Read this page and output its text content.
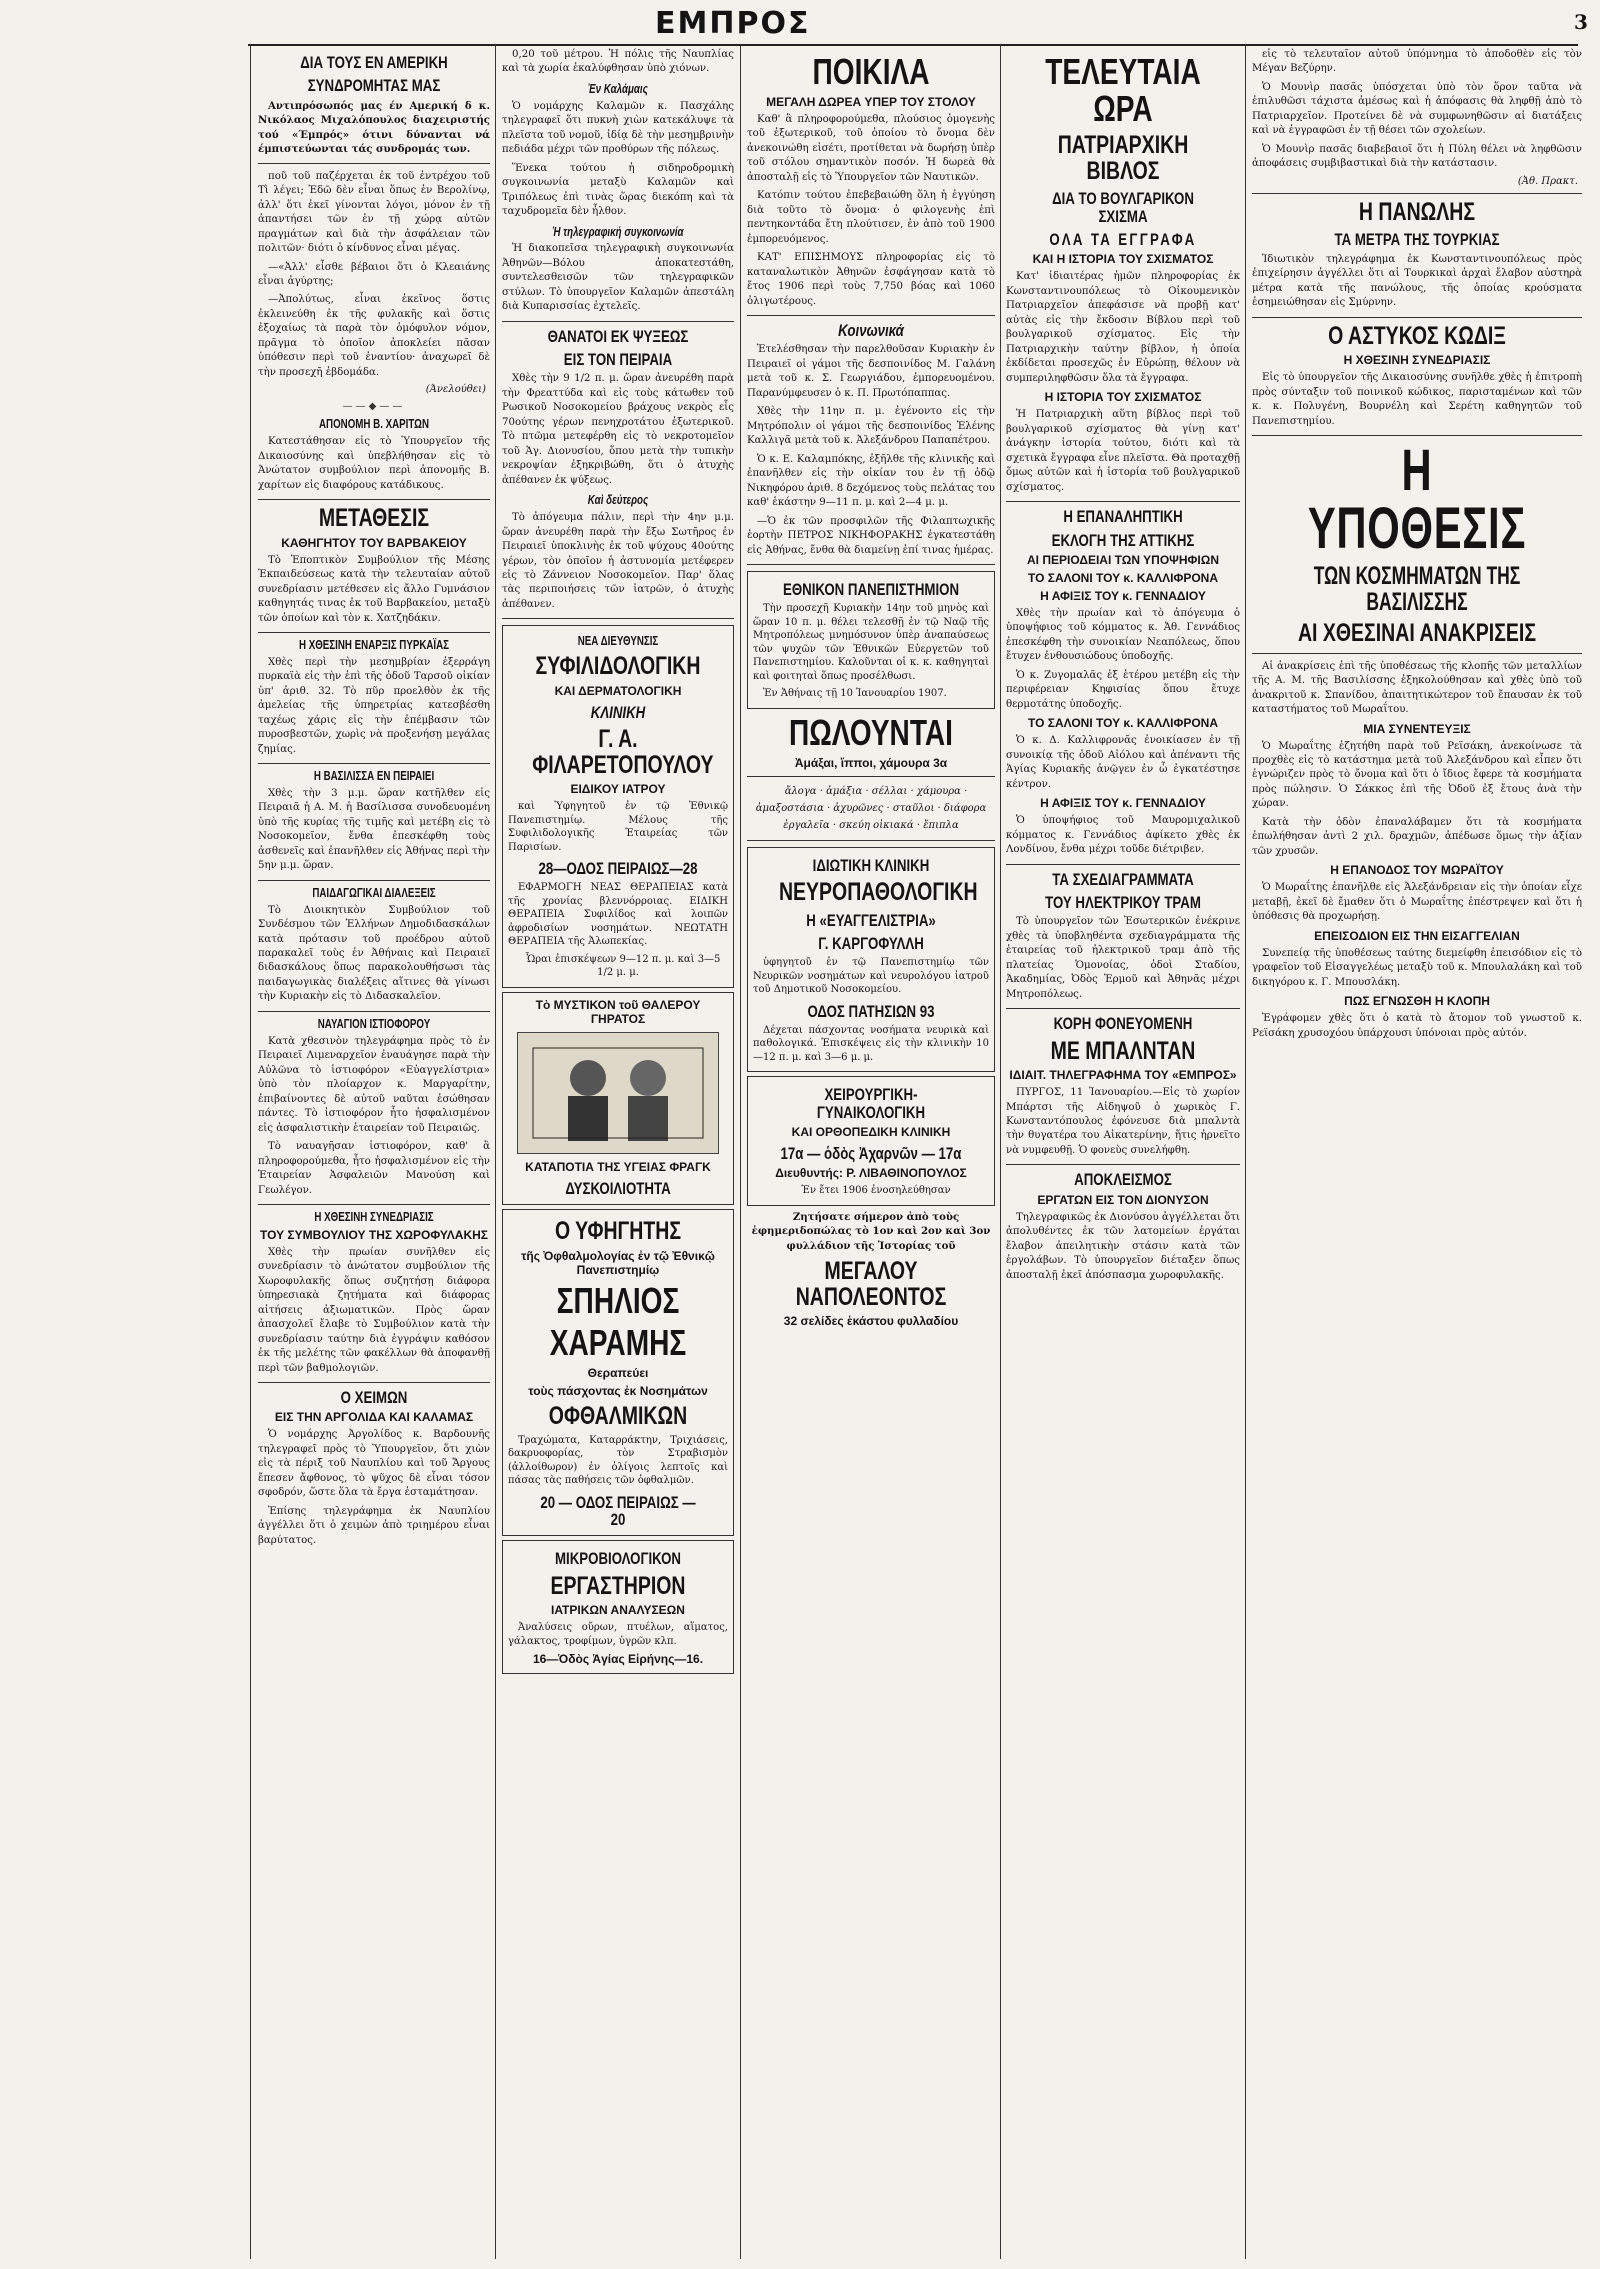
ΕΜΠΡΟΣ	3
ΔΙΑ ΤΟΥΣ ΕΝ ΑΜΕΡΙΚΗ
ΣΥΝΔΡΟΜΗΤΑΣ ΜΑΣ

Αντιπρόσωπός μας έν Αμερική δ κ. Νικόλαος Μιχαλόπουλος διαχειριστής τού «Έμπρός» ότινι δύνανται νά έμπιστεύωνται τάς συνδρομάς των.

ποῦ τοῦ παζέρχεται ἐκ τοῦ ἐντρέχου τοῦ Τὶ λέγει; Ἐδῶ δὲν εἶναι ὅπως ἐν Βερολίνῳ, ἀλλ' ὅτι ἐκεῖ γίνονται λόγοι, μόνον ἐν τῇ ἀπαντήσει τῶν ἐν τῇ χώρᾳ αὐτῶν πραγμάτων καὶ διὰ τὴν ἀσφάλειαν τῶν πολιτῶν· διότι ὁ κίνδυνος εἶναι μέγας.

—«Ἀλλ' εἶσθε βέβαιοι ὅτι ὁ Κλεαιάνης εἶναι ἀγύρτης;

—Ἀπολύτως, εἶναι ἐκεῖνος ὅστις ἐκλεινεύθη ἐκ τῆς φυλακῆς καὶ ὅστις ἐξοχαίως τὰ παρὰ τὸν ὁμόφυλον νόμον, πρᾶγμα τὸ ὁποῖον ἀποκλείει πᾶσαν ὑπόθεσιν περὶ τοῦ ἐναντίου· ἀναχωρεῖ δὲ τὴν προσεχῆ ἑβδομάδα.

(Άνελούθει)
——◆——
ΑΠΟΝΟΜΗ Β. ΧΑΡΙΤΩΝ

Κατεστάθησαν εἰς τὸ Ὑπουργεῖον τῆς Δικαιοσύνης καὶ ὑπεβλήθησαν εἰς τὸ Ἀνώτατον συμβούλιον περὶ ἀπονομῆς Β. χαρίτων εἰς διαφόρους κατάδικους.

ΜΕΤΑΘΕΣΙΣ
ΚΑΘΗΓΗΤΟΥ ΤΟΥ ΒΑΡΒΑΚΕΙΟΥ

Τὸ Ἐποπτικὸν Συμβούλιον τῆς Μέσης Ἐκπαιδεύσεως κατὰ τὴν τελευταίαν αὐτοῦ συνεδρίασιν μετέθεσεν εἰς ἄλλο Γυμνάσιον καθηγητάς τινας ἐκ τοῦ Βαρβακείου, μεταξὺ τῶν ὁποίων καὶ τὸν κ. Χατζηδάκιν.

Η ΧΘΕΣΙΝΗ ΕΝΑΡΞΙΣ ΠΥΡΚΑΪΑΣ

Χθὲς περὶ τὴν μεσημβρίαν ἐξερράγη πυρκαϊὰ εἰς τὴν ἐπὶ τῆς ὁδοῦ Ταρσοῦ οἰκίαν ὑπ' ἀριθ. 32. Τὸ πῦρ προελθὸν ἐκ τῆς ἀμελείας τῆς ὑπηρετρίας κατεσβέσθη ταχέως χάρις εἰς τὴν ἐπέμβασιν τῶν πυροσβεστῶν, χωρὶς νὰ προξενήσῃ μεγάλας ζημίας.

Η ΒΑΣΙΛΙΣΣΑ ΕΝ ΠΕΙΡΑΙΕΙ

Χθὲς τὴν 3 μ.μ. ὥραν κατῆλθεν εἰς Πειραιᾶ ἡ Α. Μ. ἡ Βασίλισσα συνοδευομένη ὑπὸ τῆς κυρίας τῆς τιμῆς καὶ μετέβη εἰς τὸ Νοσοκομεῖον, ἔνθα ἐπεσκέφθη τοὺς ἀσθενεῖς καὶ ἐπανῆλθεν εἰς Ἀθήνας περὶ τὴν 5ην μ.μ. ὥραν.

ΠΑΙΔΑΓΩΓΙΚΑΙ ΔΙΑΛΕΞΕΙΣ

Τὸ Διοικητικὸν Συμβούλιον τοῦ Συνδέσμου τῶν Ἑλλήνων Δημοδιδασκάλων κατὰ πρότασιν τοῦ προέδρου αὐτοῦ παρακαλεῖ τοὺς ἐν Ἀθήναις καὶ Πειραιεῖ διδασκάλους ὅπως παρακολουθήσωσι τὰς παιδαγωγικὰς διαλέξεις αἵτινες θὰ γίνωσι τὴν Κυριακὴν εἰς τὸ Διδασκαλεῖον.

ΝΑΥΑΓΙΟΝ ΙΣΤΙΟΦΟΡΟΥ

Κατὰ χθεσινὸν τηλεγράφημα πρὸς τὸ ἐν Πειραιεῖ Λιμεναρχεῖον ἐναυάγησε παρὰ τὴν Αὐλῶνα τὸ ἱστιοφόρον «Εὐαγγελίστρια» ὑπὸ τὸν πλοίαρχον κ. Μαργαρίτην, ἐπιβαίνοντες δὲ αὐτοῦ ναῦται ἐσώθησαν πάντες. Τὸ ἱστιοφόρον ἦτο ἠσφαλισμένον εἰς ἀσφαλιστικὴν ἑταιρείαν τοῦ Πειραιῶς.

Τὸ ναυαγῆσαν ἱστιοφόρον, καθ' ἃ πληροφορούμεθα, ἦτο ἠσφαλισμένον εἰς τὴν Ἑταιρείαν Ἀσφαλειῶν Μανούση καὶ Γεωλέγον.

Η ΧΘΕΣΙΝΗ ΣΥΝΕΔΡΙΑΣΙΣ
ΤΟΥ ΣΥΜΒΟΥΛΙΟΥ ΤΗΣ ΧΩΡΟΦΥΛΑΚΗΣ

Χθὲς τὴν πρωίαν συνῆλθεν εἰς συνεδρίασιν τὸ ἀνώτατον συμβούλιον τῆς Χωροφυλακῆς ὅπως συζητήσῃ διάφορα ὑπηρεσιακὰ ζητήματα καὶ διάφορας αἰτήσεις ἀξιωματικῶν. Πρὸς ὥραν ἀπασχολεῖ ἔλαβε τὸ Συμβούλιον κατὰ τὴν συνεδρίασιν ταύτην διὰ ἐγγράψιν καθόσον ἐκ τῆς μελέτης τῶν φακέλλων θὰ ἀποφανθῇ περὶ τῶν βαθμολογιῶν.

Ο ΧΕΙΜΩΝ
ΕΙΣ ΤΗΝ ΑΡΓΟΛΙΔΑ ΚΑΙ ΚΑΛΑΜΑΣ

Ὁ νομάρχης Ἀργολίδος κ. Βαρδουνῆς τηλεγραφεῖ πρὸς τὸ Ὑπουργεῖον, ὅτι χιὼν εἰς τὰ πέριξ τοῦ Ναυπλίου καὶ τοῦ Ἄργους ἔπεσεν ἄφθονος, τὸ ψῦχος δὲ εἶναι τόσον σφοδρόν, ὥστε ὅλα τὰ ἔργα ἐσταμάτησαν.

Ἐπίσης τηλεγράφημα ἐκ Ναυπλίου ἀγγέλλει ὅτι ὁ χειμὼν ἀπὸ τριημέρου εἶναι βαρύτατος.

0,20 τοῦ μέτρου. Ἡ πόλις τῆς Ναυπλίας καὶ τὰ χωρία ἐκαλύφθησαν ὑπὸ χιόνων.

Ἐν Καλάμαις

Ὁ νομάρχης Καλαμῶν κ. Πασχάλης τηλεγραφεῖ ὅτι πυκνὴ χιὼν κατεκάλυψε τὰ πλεῖστα τοῦ νομοῦ, ἰδίᾳ δὲ τὴν μεσημβρινὴν πεδιάδα μέχρι τῶν προθύρων τῆς πόλεως.

Ἕνεκα τούτου ἡ σιδηροδρομικὴ συγκοινωνία μεταξὺ Καλαμῶν καὶ Τριπόλεως ἐπὶ τινὰς ὥρας διεκόπη καὶ τὰ ταχυδρομεῖα δὲν ἦλθον.

Ἡ τηλεγραφική συγκοινωνία

Ἡ διακοπεῖσα τηλεγραφικὴ συγκοινωνία Ἀθηνῶν—Βόλου ἀποκατεστάθη, συντελεσθεισῶν τῶν τηλεγραφικῶν στύλων. Τὸ ὑπουργεῖον Καλαμῶν ἀπεστάλη διὰ Κυπαρισσίας ἐχτελεῖς.

ΘΑΝΑΤΟΙ ΕΚ ΨΥΞΕΩΣ
ΕΙΣ ΤΟΝ ΠΕΙΡΑΙΑ

Χθὲς τὴν 9 1/2 π. μ. ὥραν ἀνευρέθη παρὰ τὴν Φρεαττύδα καὶ εἰς τοὺς κάτωθεν τοῦ Ρωσικοῦ Νοσοκομείου βράχους νεκρὸς εἷς 70ούτης γέρων πενηχροτάτου ἐξωτερικοῦ. Τὸ πτῶμα μετεφέρθη εἰς τὸ νεκροτομεῖον τοῦ Ἁγ. Διονυσίου, ὅπου μετὰ τὴν τυπικὴν νεκροψίαν ἐξηκριβώθη, ὅτι ὁ ἀτυχὴς ἀπέθανεν ἐκ ψύξεως.

Καὶ δεύτερος

Τὸ ἀπόγευμα πάλιν, περὶ τὴν 4ην μ.μ. ὥραν ἀνευρέθη παρὰ τὴν ἔξω Σωτῆρος ἐν Πειραιεῖ ὑποκλινὴς ἐκ τοῦ ψύχους 40ούτης γέρων, τὸν ὁποῖον ἡ ἀστυνομία μετέφερεν εἰς τὸ Ζάννειον Νοσοκομεῖον. Παρ' ὅλας τὰς περιποιήσεις τῶν ἰατρῶν, ὁ ἀτυχὴς ἀπέθανεν.

ΝΕΑ ΔΙΕΥΘΥΝΣΙΣ
ΣΥΦΙΛΙΔΟΛΟΓΙΚΗ
ΚΑΙ ΔΕΡΜΑΤΟΛΟΓΙΚΗ
ΚΛΙΝΙΚΗ
Γ. Α. ΦΙΛΑΡΕΤΟΠΟΥΛΟΥ
ΕΙΔΙΚΟΥ ΙΑΤΡΟΥ

καὶ Ὑφηγητοῦ ἐν τῷ Ἐθνικῷ Πανεπιστημίῳ. Μέλους τῆς Συφιλιδολογικῆς Ἑταιρείας τῶν Παρισίων.

28—ΟΔΟΣ ΠΕΙΡΑΙΩΣ—28

ΕΦΑΡΜΟΓΗ ΝΕΑΣ ΘΕΡΑΠΕΙΑΣ κατὰ τῆς χρονίας βλεννόρροιας. ΕΙΔΙΚΗ ΘΕΡΑΠΕΙΑ Συφιλίδος καὶ λοιπῶν ἀφροδισίων νοσημάτων. ΝΕΩΤΑΤΗ ΘΕΡΑΠΕΙΑ τῆς Ἀλωπεκίας.

Ὧραι ἐπισκέψεων 9—12 π. μ. καὶ 3—5 1/2 μ. μ.

Τὸ ΜΥΣΤΙΚΟΝ τοῦ ΘΑΛΕΡΟΥ ΓΗΡΑΤΟΣ
ΚΑΤΑΠΟΤΙΑ ΤΗΣ ΥΓΕΙΑΣ ΦΡΑΓΚ
ΔΥΣΚΟΙΛΙΟΤΗΤΑ
Ο ΥΦΗΓΗΤΗΣ
τῆς Ὀφθαλμολογίας ἐν τῷ Ἐθνικῷ Πανεπιστημίῳ
ΣΠΗΛΙΟΣ
ΧΑΡΑΜΗΣ
Θεραπεύει
τοὺς πάσχοντας ἐκ Νοσημάτων
ΟΦΘΑΛΜΙΚΩΝ

Τραχώματα, Καταρράκτην, Τριχιάσεις, δακρυοφορίας, τὸν Στραβισμὸν (ἀλλοίθωρον) ἐν ὀλίγοις λεπτοῖς καὶ πάσας τὰς παθήσεις τῶν ὀφθαλμῶν.

20 — ΟΔΟΣ ΠΕΙΡΑΙΩΣ — 20
ΜΙΚΡΟΒΙΟΛΟΓΙΚΟΝ
ΕΡΓΑΣΤΗΡΙΟΝ
ΙΑΤΡΙΚΩΝ ΑΝΑΛΥΣΕΩΝ

Ἀναλύσεις οὔρων, πτυέλων, αἵματος, γάλακτος, τροφίμων, ὑγρῶν κλπ.

16—Ὁδὸς Ἁγίας Εἰρήνης—16.
ΠΟΙΚΙΛΑ
ΜΕΓΑΛΗ ΔΩΡΕΑ ΥΠΕΡ ΤΟΥ ΣΤΟΛΟΥ

Καθ' ἃ πληροφορούμεθα, πλούσιος ὁμογενὴς τοῦ ἐξωτερικοῦ, τοῦ ὁποίου τὸ ὄνομα δὲν ἀνεκοινώθη εἰσέτι, προτίθεται νὰ δωρήσῃ ὑπὲρ τοῦ στόλου σημαντικὸν ποσόν. Ἡ δωρεὰ θὰ ἀποσταλῇ εἰς τὸ Ὑπουργεῖον τῶν Ναυτικῶν.

Κατόπιν τούτου ἐπεβεβαιώθη ὅλη ἡ ἐγγύηση διὰ τοῦτο τὸ ὄνομα· ὁ φιλογενὴς ἐπὶ πεντηκοντάδα ἔτη πλούτισεν, ἐν ἀπὸ τοῦ 1900 ἐμπορευόμενος.

ΚΑΤ' ΕΠΙΣΗΜΟΥΣ πληροφορίας εἰς τὸ καταναλωτικὸν Ἀθηνῶν ἐσφάγησαν κατὰ τὸ ἔτος 1906 περὶ τοὺς 7,750 βόας καὶ 1060 ὀλιγωτέρους.

Κοινωνικά

Ἑτελέσθησαν τὴν παρελθοῦσαν Κυριακὴν ἐν Πειραιεῖ οἱ γάμοι τῆς δεσποινίδος Μ. Γαλάνη μετὰ τοῦ κ. Σ. Γεωργιάδου, ἐμπορευομένου. Παρανύμφευσεν ὁ κ. Π. Πρωτόπαππας.

Χθὲς τὴν 11ην π. μ. ἐγένοντο εἰς τὴν Μητρόπολιν οἱ γάμοι τῆς δεσποινίδος Ἑλένης Καλλιγᾶ μετὰ τοῦ κ. Ἀλεξάνδρου Παπαπέτρου.

Ὁ κ. Ε. Καλαμπόκης, ἐξῆλθε τῆς κλινικῆς καὶ ἐπανῆλθεν εἰς τὴν οἰκίαν του ἐν τῇ ὁδῷ Νικηφόρου ἀριθ. 8 δεχόμενος τοὺς πελάτας του καθ' ἑκάστην 9—11 π. μ. καὶ 2—4 μ. μ.

—Ὁ ἐκ τῶν προσφιλῶν τῆς Φιλαπτωχικῆς ἑορτὴν ΠΕΤΡΟΣ ΝΙΚΗΦΟΡΑΚΗΣ ἐγκατεστάθη εἰς Ἀθήνας, ἔνθα θὰ διαμείνῃ ἐπί τινας ἡμέρας.

ΕΘΝΙΚΟΝ ΠΑΝΕΠΙΣΤΗΜΙΟΝ

Τὴν προσεχῆ Κυριακὴν 14ην τοῦ μηνὸς καὶ ὥραν 10 π. μ. θέλει τελεσθῇ ἐν τῷ Ναῷ τῆς Μητροπόλεως μνημόσυνον ὑπὲρ ἀναπαύσεως τῶν ψυχῶν τῶν Ἐθνικῶν Εὐεργετῶν τοῦ Πανεπιστημίου. Καλοῦνται οἱ κ. κ. καθηγηταὶ καὶ φοιτηταὶ ὅπως προσέλθωσι.

Ἐν Ἀθήναις τῇ 10 Ἰανουαρίου 1907.

ΠΩΛΟΥΝΤΑΙ
Ἀμάξαι, ἵπποι, χάμουρα 3α

ἄλογα · ἀμάξια · σέλλαι · χάμουρα · ἀμαξοστάσια · ἀχυρῶνες · σταῦλοι · διάφορα ἐργαλεῖα · σκεύη οἰκιακά · ἔπιπλα

ΙΔΙΩΤΙΚΗ ΚΛΙΝΙΚΗ
ΝΕΥΡΟΠΑΘΟΛΟΓΙΚΗ
Η «ΕΥΑΓΓΕΛΙΣΤΡΙΑ»
Γ. ΚΑΡΓΟΦΥΛΛΗ

ὑφηγητοῦ ἐν τῷ Πανεπιστημίῳ τῶν Νευρικῶν νοσημάτων καὶ νευρολόγου ἰατροῦ τοῦ Δημοτικοῦ Νοσοκομείου.

ΟΔΟΣ ΠΑΤΗΣΙΩΝ 93

Δέχεται πάσχοντας νοσήματα νευρικὰ καὶ παθολογικά. Ἐπισκέψεις εἰς τὴν κλινικὴν 10—12 π. μ. καὶ 3—6 μ. μ.

ΧΕΙΡΟΥΡΓΙΚΗ-ΓΥΝΑΙΚΟΛΟΓΙΚΗ
ΚΑΙ ΟΡΘΟΠΕΔΙΚΗ ΚΛΙΝΙΚΗ
17α — ὁδὸς Ἀχαρνῶν — 17α
Διευθυντής: Ρ. ΛΙΒΑΘΙΝΟΠΟΥΛΟΣ

Ἐν ἔτει 1906 ἐνοσηλεύθησαν

Ζητήσατε σήμερον ἀπὸ τοὺς ἐφημεριδοπώλας τὸ 1ον καὶ 2ον καὶ 3ον φυλλάδιον τῆς Ἱστορίας τοῦ

ΜΕΓΑΛΟΥ ΝΑΠΟΛΕΟΝΤΟΣ
32 σελίδες ἑκάστου φυλλαδίου
ΤΕΛΕΥΤΑΙΑ ΩΡΑ
ΠΑΤΡΙΑΡΧΙΚΗ ΒΙΒΛΟΣ
ΔΙΑ ΤΟ ΒΟΥΛΓΑΡΙΚΟΝ ΣΧΙΣΜΑ
ΟΛΑ ΤΑ ΕΓΓΡΑΦΑ
ΚΑΙ Η ΙΣΤΟΡΙΑ ΤΟΥ ΣΧΙΣΜΑΤΟΣ

Κατ' ἰδιαιτέρας ἡμῶν πληροφορίας ἐκ Κωνσταντινουπόλεως τὸ Οἰκουμενικὸν Πατριαρχεῖον ἀπεφάσισε νὰ προβῇ κατ' αὐτὰς εἰς τὴν ἔκδοσιν Βίβλου περὶ τοῦ βουλγαρικοῦ σχίσματος. Εἰς τὴν Πατριαρχικὴν ταύτην βίβλον, ἡ ὁποία ἐκδίδεται προσεχῶς ἐν Εὐρώπῃ, θέλουν νὰ συμπεριληφθῶσιν ὅλα τὰ ἔγγραφα.

Η ΙΣΤΟΡΙΑ ΤΟΥ ΣΧΙΣΜΑΤΟΣ

Ἡ Πατριαρχικὴ αὕτη βίβλος περὶ τοῦ βουλγαρικοῦ σχίσματος θὰ γίνῃ κατ' ἀνάγκην ἱστορία τούτου, διότι καὶ τὰ σχετικὰ ἔγγραφα εἶνε πλεῖστα. Θὰ προταχθῇ ὅμως αὐτῶν καὶ ἡ ἱστορία τοῦ βουλγαρικοῦ σχίσματος.

Η ΕΠΑΝΑΛΗΠΤΙΚΗ
ΕΚΛΟΓΗ ΤΗΣ ΑΤΤΙΚΗΣ
ΑΙ ΠΕΡΙΟΔΕΙΑΙ ΤΩΝ ΥΠΟΨΗΦΙΩΝ
ΤΟ ΣΑΛΟΝΙ ΤΟΥ κ. ΚΑΛΛΙΦΡΟΝΑ
Η ΑΦΙΞΙΣ ΤΟΥ κ. ΓΕΝΝΑΔΙΟΥ

Χθὲς τὴν πρωίαν καὶ τὸ ἀπόγευμα ὁ ὑποψήφιος τοῦ κόμματος κ. Ἀθ. Γεννάδιος ἐπεσκέφθη τὴν συνοικίαν Νεαπόλεως, ὅπου ἔτυχεν ἐνθουσιώδους ὑποδοχῆς.

Ὁ κ. Ζυγομαλᾶς ἐξ ἑτέρου μετέβη εἰς τὴν περιφέρειαν Κηφισίας ὅπου ἔτυχε θερμοτάτης ὑποδοχῆς.

ΤΟ ΣΑΛΟΝΙ ΤΟΥ κ. ΚΑΛΛΙΦΡΟΝΑ

Ὁ κ. Δ. Καλλιφρονᾶς ἐνοικίασεν ἐν τῇ συνοικίᾳ τῆς ὁδοῦ Αἰόλου καὶ ἀπέναντι τῆς Ἁγίας Κυριακῆς ἀνῷγεν ἐν ὧ ἐγκατέστησε κέντρον.

Η ΑΦΙΞΙΣ ΤΟΥ κ. ΓΕΝΝΑΔΙΟΥ

Ὁ ὑποψήφιος τοῦ Μαυρομιχαλικοῦ κόμματος κ. Γεννάδιος ἀφίκετο χθὲς ἐκ Λονδίνου, ἔνθα μέχρι τοῦδε διέτριβεν.

ΤΑ ΣΧΕΔΙΑΓΡΑΜΜΑΤΑ
ΤΟΥ ΗΛΕΚΤΡΙΚΟΥ ΤΡΑΜ

Τὸ ὑπουργεῖον τῶν Ἐσωτερικῶν ἐνέκρινε χθὲς τὰ ὑποβληθέντα σχεδιαγράμματα τῆς ἑταιρείας τοῦ ἠλεκτρικοῦ τραμ ἀπὸ τῆς πλατείας Ὁμονοίας, ὁδοὶ Σταδίου, Ἀκαδημίας, Ὀδὸς Ἑρμοῦ καὶ Ἀθηνᾶς μέχρι Μητροπόλεως.

ΚΟΡΗ ΦΟΝΕΥΟΜΕΝΗ
ΜΕ ΜΠΑΛΝΤΑΝ
ΙΔΙΑΙΤ. ΤΗΛΕΓΡΑΦΗΜΑ ΤΟΥ «ΕΜΠΡΟΣ»

ΠΥΡΓΟΣ, 11 Ἰανουαρίου.—Εἰς τὸ χωρίον Μπάρτσι τῆς Αἰδηψοῦ ὁ χωρικὸς Γ. Κωνσταντόπουλος ἐφόνευσε διὰ μπαλντὰ τὴν θυγατέρα του Αἰκατερίνην, ἥτις ἠρνεῖτο νὰ νυμφευθῇ. Ὁ φονεὺς συνελήφθη.

ΑΠΟΚΛΕΙΣΜΟΣ
ΕΡΓΑΤΩΝ ΕΙΣ ΤΟΝ ΔΙΟΝΥΣΟΝ

Τηλεγραφικῶς ἐκ Διονύσου ἀγγέλλεται ὅτι ἀπολυθέντες ἐκ τῶν λατομείων ἐργάται ἔλαβον ἀπειλητικὴν στάσιν κατὰ τῶν ἐργολάβων. Τὸ ὑπουργεῖον διέταξεν ὅπως ἀποσταλῇ ἐκεῖ ἀπόσπασμα χωροφυλακῆς.

εἰς τὸ τελευταῖον αὐτοῦ ὑπόμνημα τὸ ἀποδοθὲν εἰς τὸν Μέγαν Βεζύρην.

Ὁ Μουνὶρ πασᾶς ὑπόσχεται ὑπὸ τὸν ὅρον ταῦτα νὰ ἐπιλυθῶσι τάχιστα ἀμέσως καὶ ἡ ἀπόφασις θὰ ληφθῇ ἀπὸ τὸ Πατριαρχεῖον. Προτείνει δὲ νὰ συμφωνηθῶσιν αἱ διατάξεις καὶ νὰ ἐγγραφῶσι ἐν τῇ θέσει τῶν σχολείων.

Ὁ Μουνὶρ πασᾶς διαβεβαιοῖ ὅτι ἡ Πύλη θέλει νὰ ληφθῶσιν ἀποφάσεις συμβιβαστικαὶ διὰ τὴν κατάστασιν.

(Ἀθ. Πρακτ.
Η ΠΑΝΩΛΗΣ
ΤΑ ΜΕΤΡΑ ΤΗΣ ΤΟΥΡΚΙΑΣ

Ἰδιωτικὸν τηλεγράφημα ἐκ Κωνσταντινουπόλεως πρὸς ἐπιχείρησιν ἀγγέλλει ὅτι αἱ Τουρκικαὶ ἀρχαὶ ἔλαβον αὐστηρὰ μέτρα κατὰ τῆς πανώλους, τῆς ὁποίας κρούσματα ἐσημειώθησαν εἰς Σμύρνην.

Ο ΑΣΤΥΚΟΣ ΚΩΔΙΞ
Η ΧΘΕΣΙΝΗ ΣΥΝΕΔΡΙΑΣΙΣ

Εἰς τὸ ὑπουργεῖον τῆς Δικαιοσύνης συνῆλθε χθὲς ἡ ἐπιτροπὴ πρὸς σύνταξιν τοῦ ποινικοῦ κώδικος, παρισταμένων καὶ τῶν κ. κ. Πολυγένη, Βουρνέλη καὶ Σερέτη καθηγητῶν τοῦ Πανεπιστημίου.

Η ΥΠΟΘΕΣΙΣ
ΤΩΝ ΚΟΣΜΗΜΑΤΩΝ ΤΗΣ ΒΑΣΙΛΙΣΣΗΣ
ΑΙ ΧΘΕΣΙΝΑΙ ΑΝΑΚΡΙΣΕΙΣ

Αἱ ἀνακρίσεις ἐπὶ τῆς ὑποθέσεως τῆς κλοπῆς τῶν μεταλλίων τῆς Α. Μ. τῆς Βασιλίσσης ἐξηκολούθησαν καὶ χθὲς ὑπὸ τοῦ ἀνακριτοῦ κ. Σπανίδου, ἀπαιτητικώτερον τοῦ ἔπαυσαν ἐκ τοῦ καταστήματος τοῦ Μωραΐτου.

ΜΙΑ ΣΥΝΕΝΤΕΥΞΙΣ

Ὁ Μωραΐτης ἐζητήθη παρὰ τοῦ Ρεϊσάκη, ἀνεκοίνωσε τὰ προχθὲς εἰς τὸ κατάστημα μετὰ τοῦ Ἀλεξάνδρου καὶ εἶπεν ὅτι ἐγνώριζεν πρὸς τὸ ὄνομα καὶ ὅτι ὁ ἴδιος ἔφερε τὰ κοσμήματα πρὸς πώλησιν. Ὁ Σάκκος ἐπὶ τῆς Ὀδοῦ ἐξ ἔτους ἀνὰ τὴν χώραν.

Κατὰ τὴν ὁδὸν ἐπαναλάβαμεν ὅτι τὰ κοσμήματα ἐπωλήθησαν ἀντὶ 2 χιλ. δραχμῶν, ἀπέδωσε ὅμως τὴν ἀξίαν τῶν χρυσῶν.

Η ΕΠΑΝΟΔΟΣ ΤΟΥ ΜΩΡΑΪΤΟΥ

Ὁ Μωραΐτης ἐπανῆλθε εἰς Ἀλεξάνδρειαν εἰς τὴν ὁποίαν εἶχε μεταβῇ, ἐκεῖ δὲ ἔμαθεν ὅτι ὁ Μωραΐτης ἐπέστρεψεν καὶ ὅτι ἡ ὑπόθεσις θὰ προχωρήσῃ.

ΕΠΕΙΣΟΔΙΟΝ ΕΙΣ ΤΗΝ ΕΙΣΑΓΓΕΛΙΑΝ

Συνεπείᾳ τῆς ὑποθέσεως ταύτης διεμείφθη ἐπεισόδιον εἰς τὸ γραφεῖον τοῦ Εἰσαγγελέως μεταξὺ τοῦ κ. Μπουλαλάκη καὶ τοῦ δικηγόρου κ. Γ. Μπουσλάκη.

ΠΩΣ ΕΓΝΩΣΘΗ Η ΚΛΟΠΗ

Ἐγράφομεν χθὲς ὅτι ὁ κατὰ τὸ ἄτομον τοῦ γνωστοῦ κ. Ρεϊσάκη χρυσοχόου ὑπάρχουσι ὑπόνοιαι πρὸς αὐτόν.
